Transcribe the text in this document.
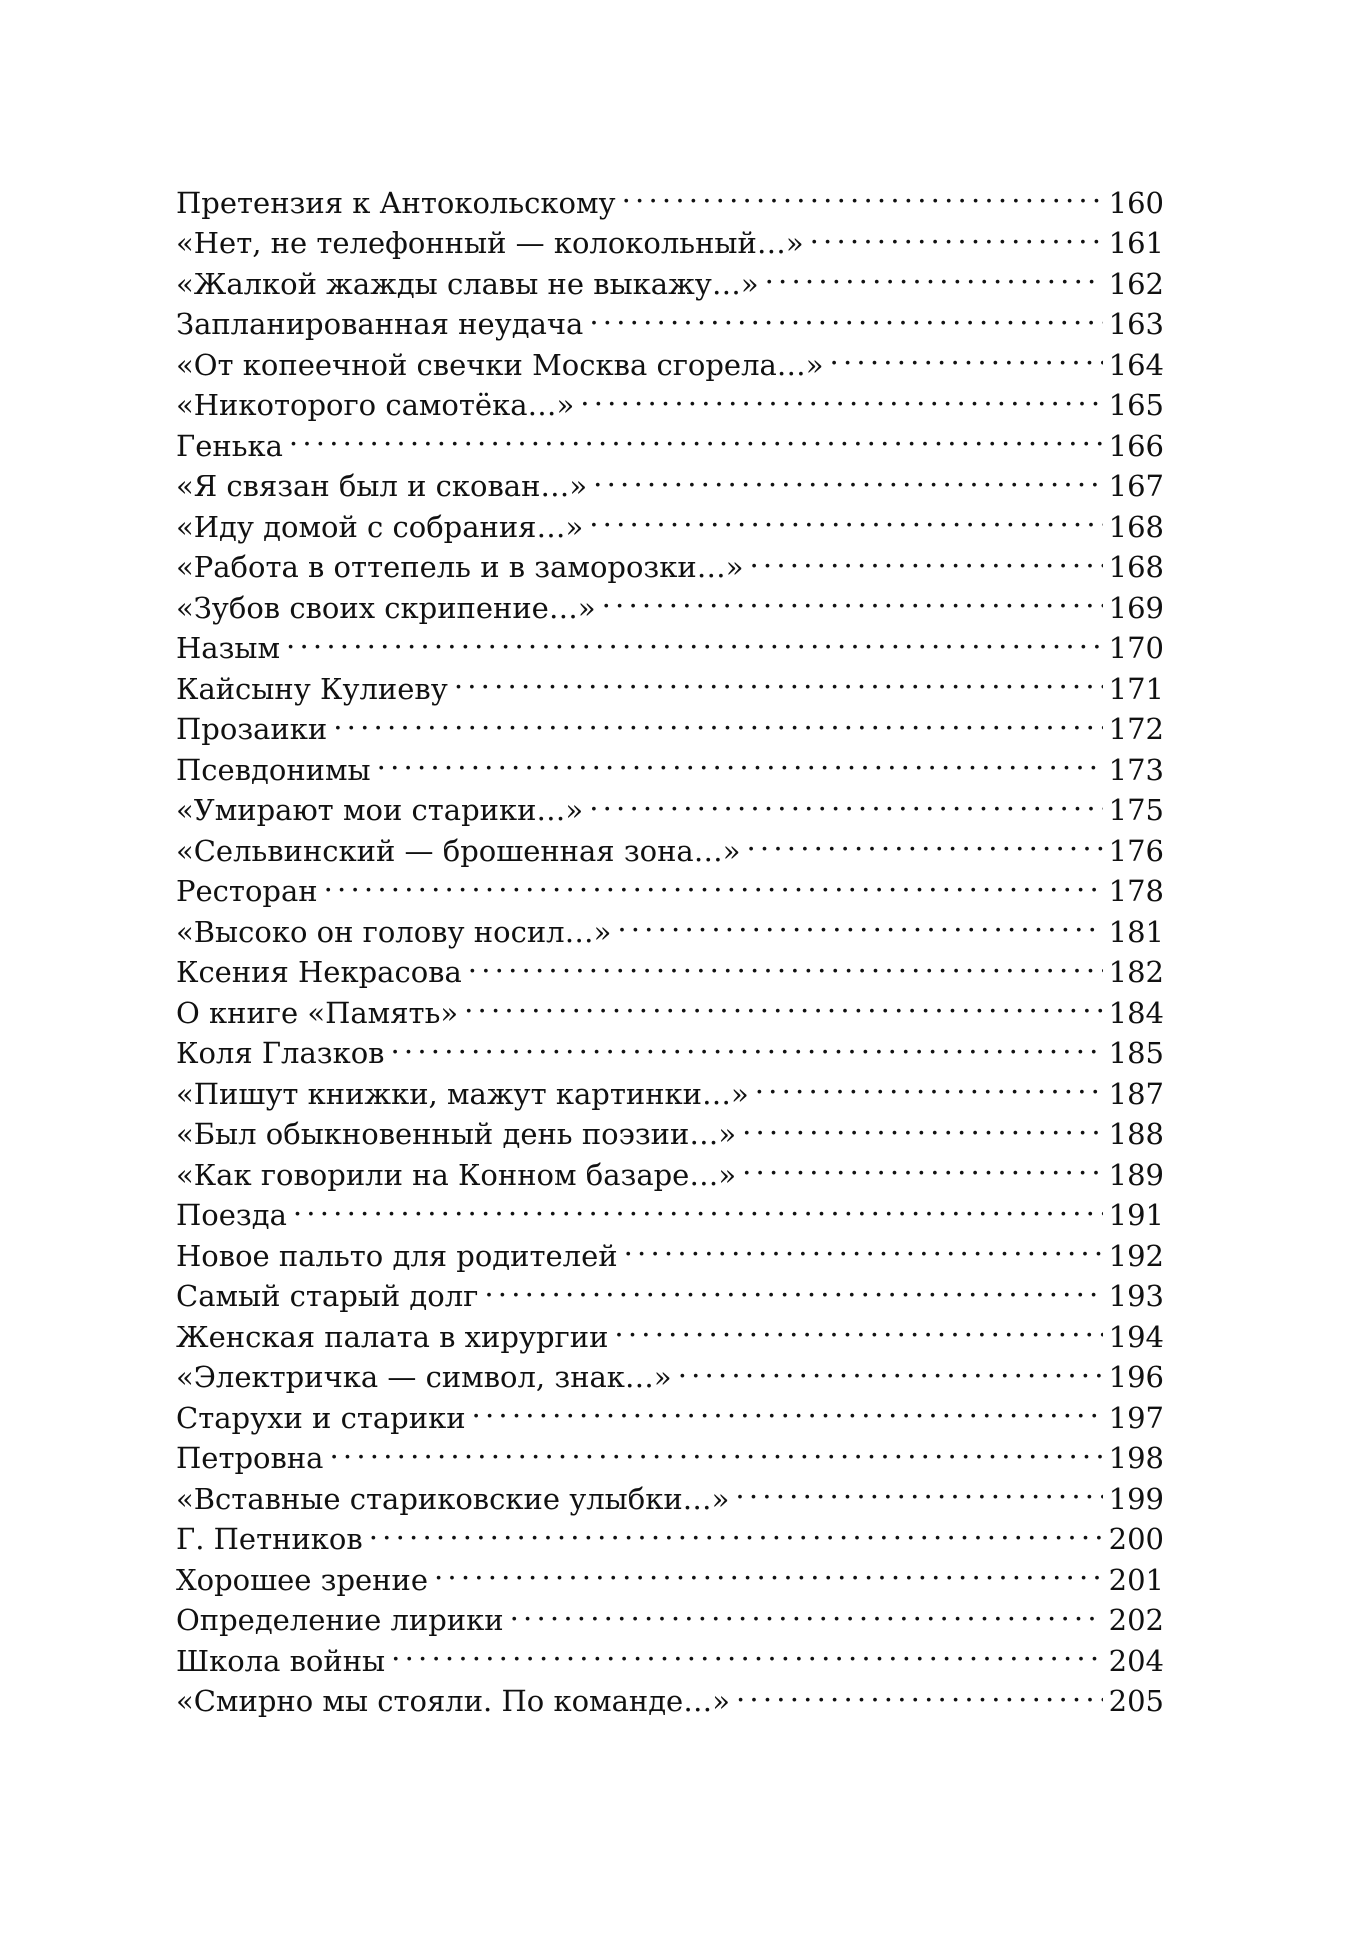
Претензия к Антокольскому . . .	160
«Нет, не телефонный — колокольный…» . . .	161
«Жалкой жажды славы не выкажу…» . . .	162
Запланированная неудача . . .	163
«От копеечной свечки Москва сгорела…» . . .	164
«Никоторого самотёка…» . . .	165
Генька . . .	166
«Я связан был и скован…» . . .	167
«Иду домой с собрания…» . . .	168
«Работа в оттепель и в заморозки…» . . .	168
«Зубов своих скрипение…» . . .	169
Назым . . .	170
Кайсыну Кулиеву . . .	171
Прозаики . . .	172
Псевдонимы . . .	173
«Умирают мои старики…» . . .	175
«Сельвинский — брошенная зона…» . . .	176
Ресторан . . .	178
«Высоко он голову носил…» . . .	181
Ксения Некрасова . . .	182
О книге «Память» . . .	184
Коля Глазков . . .	185
«Пишут книжки, мажут картинки…» . . .	187
«Был обыкновенный день поэзии…» . . .	188
«Как говорили на Конном базаре…» . . .	189
Поезда . . .	191
Новое пальто для родителей . . .	192
Самый старый долг . . .	193
Женская палата в хирургии . . .	194
«Электричка — символ, знак…» . . .	196
Старухи и старики . . .	197
Петровна . . .	198
«Вставные стариковские улыбки…» . . .	199
Г. Петников . . .	200
Хорошее зрение . . .	201
Определение лирики . . .	202
Школа войны . . .	204
«Смирно мы стояли. По команде…» . . .	205
